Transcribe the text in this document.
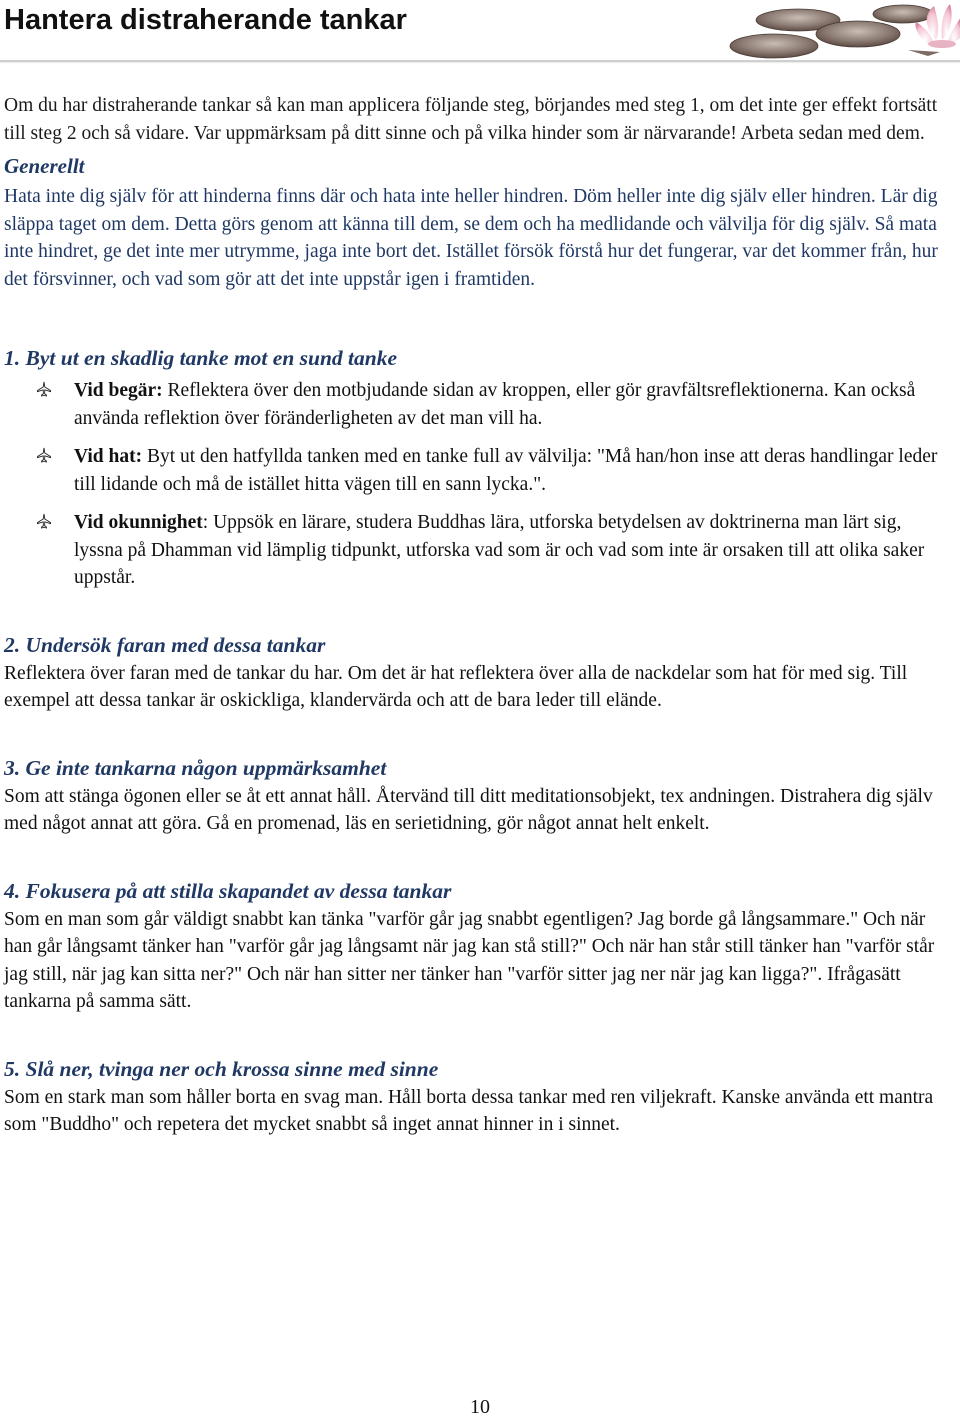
Hantera distraherande tankar

Om du har distraherande tankar så kan man applicera följande steg, börjandes med steg 1, om det inte ger effekt fortsätt till steg 2 och så vidare. Var uppmärksam på ditt sinne och på vilka hinder som är närvarande! Arbeta sedan med dem.

Generellt

Hata inte dig själv för att hinderna finns där och hata inte heller hindren. Döm heller inte dig själv eller hindren. Lär dig släppa taget om dem. Detta görs genom att känna till dem, se dem och ha medlidande och välvilja för dig själv. Så mata inte hindret, ge det inte mer utrymme, jaga inte bort det. Istället försök förstå hur det fungerar, var det kommer från, hur det försvinner, och vad som gör att det inte uppstår igen i framtiden.

1. Byt ut en skadlig tanke mot en sund tanke
Vid begär: Reflektera över den motbjudande sidan av kroppen, eller gör gravfältsreflektionerna. Kan också använda reflektion över föränderligheten av det man vill ha.
Vid hat: Byt ut den hatfyllda tanken med en tanke full av välvilja: "Må han/hon inse att deras handlingar leder till lidande och må de istället hitta vägen till en sann lycka.".
Vid okunnighet: Uppsök en lärare, studera Buddhas lära, utforska betydelsen av doktrinerna man lärt sig, lyssna på Dhamman vid lämplig tidpunkt, utforska vad som är och vad som inte är orsaken till att olika saker uppstår.
2. Undersök faran med dessa tankar

Reflektera över faran med de tankar du har. Om det är hat reflektera över alla de nackdelar som hat för med sig. Till exempel att dessa tankar är oskickliga, klandervärda och att de bara leder till elände.

3. Ge inte tankarna någon uppmärksamhet

Som att stänga ögonen eller se åt ett annat håll. Återvänd till ditt meditationsobjekt, tex andningen. Distrahera dig själv med något annat att göra. Gå en promenad, läs en serietidning, gör något annat helt enkelt.

4. Fokusera på att stilla skapandet av dessa tankar

Som en man som går väldigt snabbt kan tänka "varför går jag snabbt egentligen? Jag borde gå långsammare." Och när han går långsamt tänker han "varför går jag långsamt när jag kan stå still?" Och när han står still tänker han "varför står jag still, när jag kan sitta ner?" Och när han sitter ner tänker han "varför sitter jag ner när jag kan ligga?". Ifrågasätt tankarna på samma sätt.

5. Slå ner, tvinga ner och krossa sinne med sinne

Som en stark man som håller borta en svag man. Håll borta dessa tankar med ren viljekraft. Kanske använda ett mantra som "Buddho" och repetera det mycket snabbt så inget annat hinner in i sinnet.

10
